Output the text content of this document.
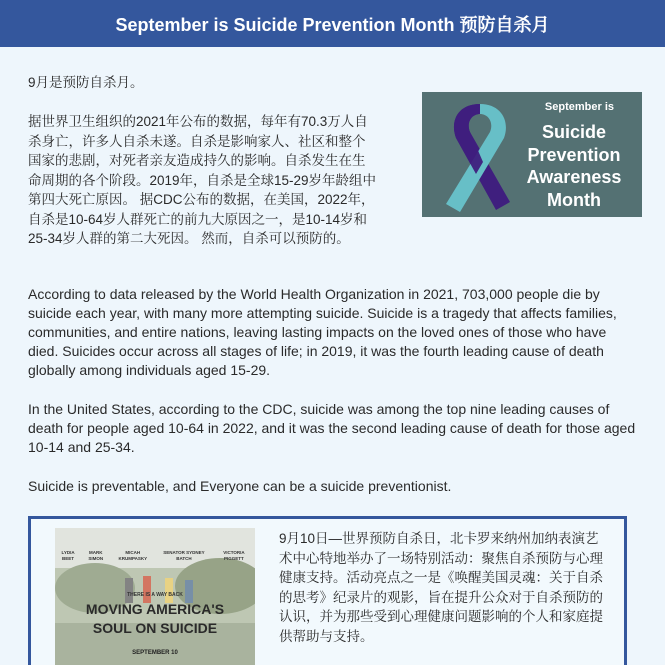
September is Suicide Prevention Month 预防自杀月
9月是预防自杀月。
据世界卫生组织的2021年公布的数据，每年有70.3万人自杀身亡，许多人自杀未遂。自杀是影响家人、社区和整个国家的悲剧，对死者亲友造成持久的影响。自杀发生在生命周期的各个阶段。2019年，自杀是全球15-29岁年龄组中第四大死亡原因。 据CDC公布的数据，在美国，2022年，自杀是10-64岁人群死亡的前九大原因之一，是10-14岁和25-34岁人群的第二大死因。 然而，自杀可以预防的。
September is
Suicide Prevention Awareness Month
According to data released by the World Health Organization in 2021, 703,000 people die by suicide each year, with many more attempting suicide. Suicide is a tragedy that affects families, communities, and entire nations, leaving lasting impacts on the loved ones of those who have died. Suicides occur across all stages of life; in 2019, it was the fourth leading cause of death globally among individuals aged 15-29.
In the United States, according to the CDC, suicide was among the top nine leading causes of death for people aged 10-64 in 2022, and it was the second leading cause of death for those aged 10-14 and 25-34.
Suicide is preventable, and Everyone can be a suicide preventionist.
LYDIA BEET
MARK SIMON
MICAH KRUMPASKY
SENATOR SYDNEY BATCH
VICTORIA PIGGETT
THERE IS A WAY BACK
MOVING AMERICA'S
SOUL ON SUICIDE
SEPTEMBER 10
9月10日—世界预防自杀日，北卡罗来纳州加纳表演艺术中心特地举办了一场特别活动：聚焦自杀预防与心理健康支持。活动亮点之一是《唤醒美国灵魂：关于自杀的思考》纪录片的观影，旨在提升公众对于自杀预防的认识，并为那些受到心理健康问题影响的个人和家庭提供帮助与支持。
